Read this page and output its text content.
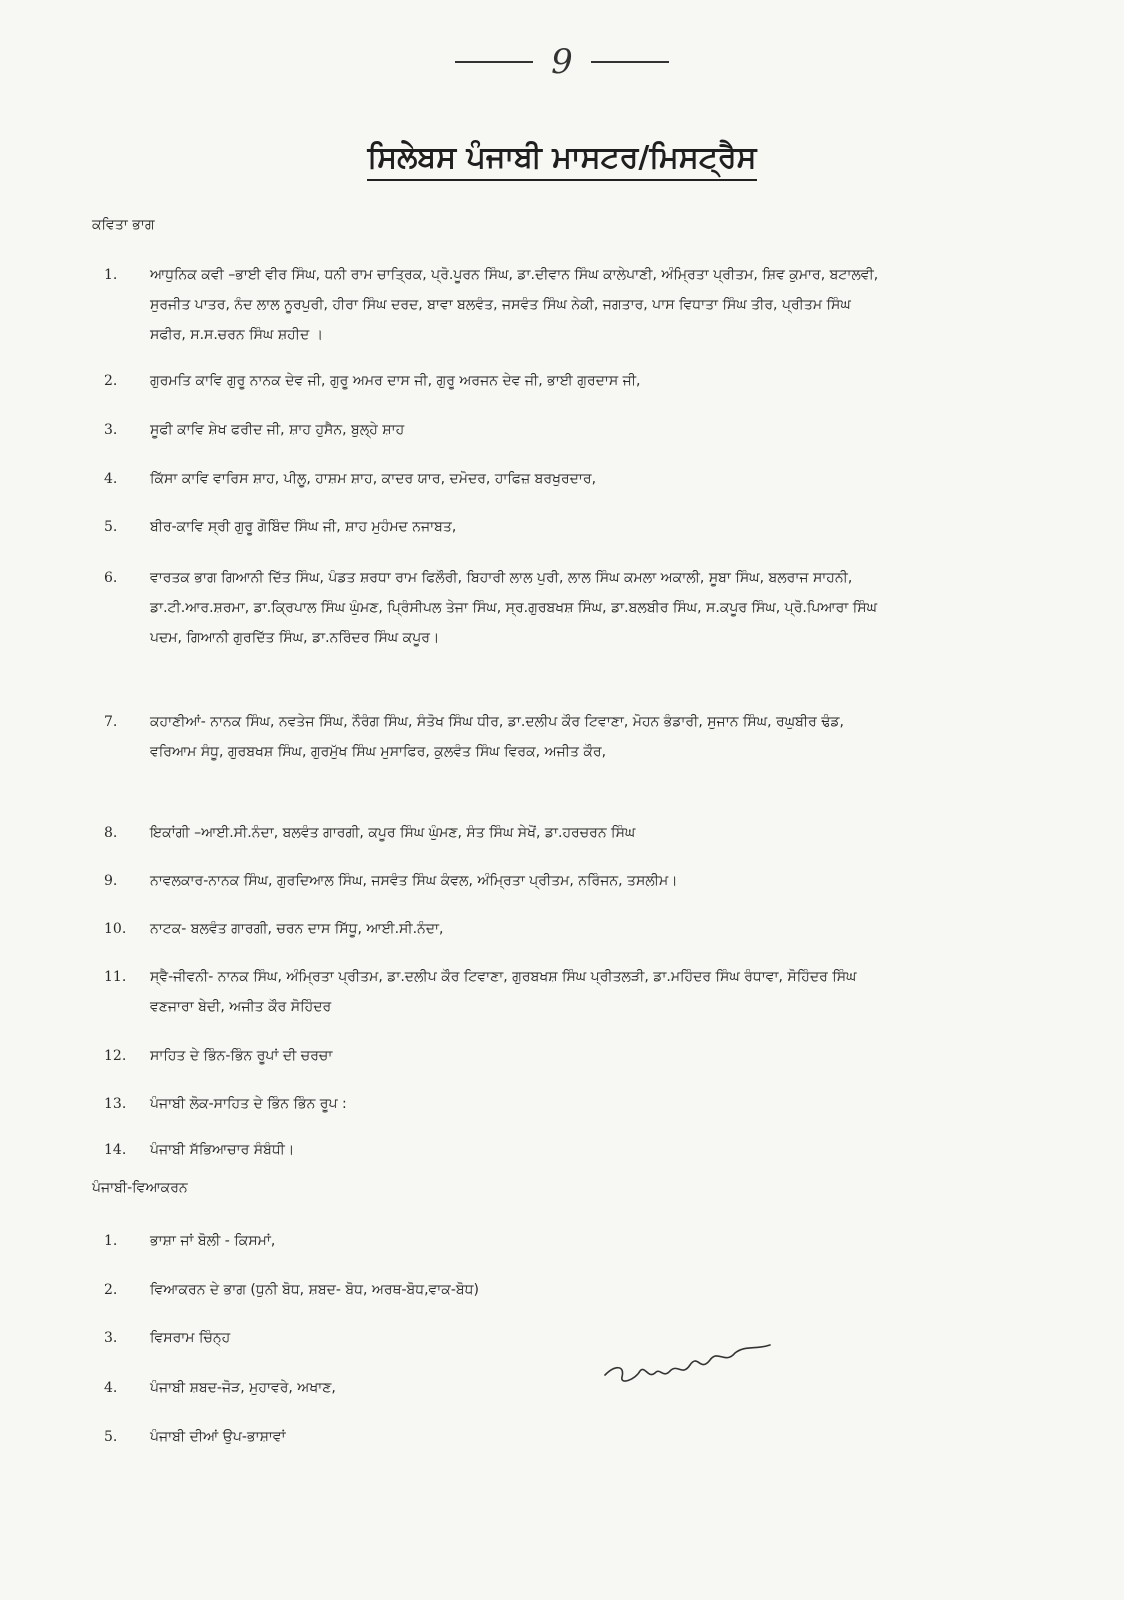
9
ਸਿਲੇਬਸ ਪੰਜਾਬੀ ਮਾਸਟਰ/ਮਿਸਟ੍ਰੈਸ
ਕਵਿਤਾ ਭਾਗ
1.	ਆਧੁਨਿਕ ਕਵੀ –ਭਾਈ ਵੀਰ ਸਿੰਘ, ਧਨੀ ਰਾਮ ਚਾਤ੍ਰਿਕ, ਪ੍ਰੋ.ਪੂਰਨ ਸਿੰਘ, ਡਾ.ਦੀਵਾਨ ਸਿੰਘ ਕਾਲੇਪਾਣੀ, ਅੰਮ੍ਰਿਤਾ ਪ੍ਰੀਤਮ, ਸ਼ਿਵ ਕੁਮਾਰ, ਬਟਾਲਵੀ, ਸੁਰਜੀਤ ਪਾਤਰ, ਨੰਦ ਲਾਲ ਨੂਰਪੁਰੀ, ਹੀਰਾ ਸਿੰਘ ਦਰਦ, ਬਾਵਾ ਬਲਵੰਤ, ਜਸਵੰਤ ਸਿੰਘ ਨੇਕੀ, ਜਗਤਾਰ, ਪਾਸ ਵਿਧਾਤਾ ਸਿੰਘ ਤੀਰ, ਪ੍ਰੀਤਮ ਸਿੰਘ ਸਫੀਰ, ਸ.ਸ.ਚਰਨ ਸਿੰਘ ਸ਼ਹੀਦ ।
2.	ਗੁਰਮਤਿ ਕਾਵਿ ਗੁਰੂ ਨਾਨਕ ਦੇਵ ਜੀ, ਗੁਰੂ ਅਮਰ ਦਾਸ ਜੀ, ਗੁਰੂ ਅਰਜਨ ਦੇਵ ਜੀ, ਭਾਈ ਗੁਰਦਾਸ ਜੀ,
3.	ਸੂਫੀ ਕਾਵਿ ਸ਼ੇਖ ਫਰੀਦ ਜੀ, ਸ਼ਾਹ ਹੁਸੈਨ, ਬੁਲ੍ਹੇ ਸ਼ਾਹ
4.	ਕਿੱਸਾ ਕਾਵਿ ਵਾਰਿਸ ਸ਼ਾਹ, ਪੀਲੂ, ਹਾਸ਼ਮ ਸ਼ਾਹ, ਕਾਦਰ ਯਾਰ, ਦਮੋਦਰ, ਹਾਫਿਜ਼ ਬਰਖੁਰਦਾਰ,
5.	ਬੀਰ-ਕਾਵਿ ਸ੍ਰੀ ਗੁਰੂ ਗੋਬਿੰਦ ਸਿੰਘ ਜੀ, ਸ਼ਾਹ ਮੁਹੰਮਦ ਨਜਾਬਤ,
6.	ਵਾਰਤਕ ਭਾਗ ਗਿਆਨੀ ਦਿੱਤ ਸਿੰਘ, ਪੰਡਤ ਸ਼ਰਧਾ ਰਾਮ ਫਿਲੌਰੀ, ਬਿਹਾਰੀ ਲਾਲ ਪੁਰੀ, ਲਾਲ ਸਿੰਘ ਕਮਲਾ ਅਕਾਲੀ, ਸੂਬਾ ਸਿੰਘ, ਬਲਰਾਜ ਸਾਹਨੀ, ਡਾ.ਟੀ.ਆਰ.ਸ਼ਰਮਾ, ਡਾ.ਕ੍ਰਿਪਾਲ ਸਿੰਘ ਘੁੰਮਣ, ਪ੍ਰਿੰਸੀਪਲ ਤੇਜਾ ਸਿੰਘ, ਸ੍ਰ.ਗੁਰਬਖਸ਼ ਸਿੰਘ, ਡਾ.ਬਲਬੀਰ ਸਿੰਘ, ਸ.ਕਪੂਰ ਸਿੰਘ, ਪ੍ਰੋ.ਪਿਆਰਾ ਸਿੰਘ ਪਦਮ, ਗਿਆਨੀ ਗੁਰਦਿੱਤ ਸਿੰਘ, ਡਾ.ਨਰਿੰਦਰ ਸਿੰਘ ਕਪੂਰ।
7.	ਕਹਾਣੀਆਂ- ਨਾਨਕ ਸਿੰਘ, ਨਵਤੇਜ ਸਿੰਘ, ਨੌਰੰਗ ਸਿੰਘ, ਸੰਤੋਖ ਸਿੰਘ ਧੀਰ, ਡਾ.ਦਲੀਪ ਕੌਰ ਟਿਵਾਣਾ, ਮੋਹਨ ਭੰਡਾਰੀ, ਸੁਜਾਨ ਸਿੰਘ, ਰਘੁਬੀਰ ਢੰਡ, ਵਰਿਆਮ ਸੰਧੂ, ਗੁਰਬਖਸ਼ ਸਿੰਘ, ਗੁਰਮੁੱਖ ਸਿੰਘ ਮੁਸਾਫਿਰ, ਕੁਲਵੰਤ ਸਿੰਘ ਵਿਰਕ, ਅਜੀਤ ਕੌਰ,
8.	ਇਕਾਂਗੀ –ਆਈ.ਸੀ.ਨੰਦਾ, ਬਲਵੰਤ ਗਾਰਗੀ, ਕਪੂਰ ਸਿੰਘ ਘੁੰਮਣ, ਸੰਤ ਸਿੰਘ ਸੇਖੋਂ, ਡਾ.ਹਰਚਰਨ ਸਿੰਘ
9.	ਨਾਵਲਕਾਰ-ਨਾਨਕ ਸਿੰਘ, ਗੁਰਦਿਆਲ ਸਿੰਘ, ਜਸਵੰਤ ਸਿੰਘ ਕੰਵਲ, ਅੰਮ੍ਰਿਤਾ ਪ੍ਰੀਤਮ, ਨਰਿੰਜਨ, ਤਸਲੀਮ।
10.	ਨਾਟਕ- ਬਲਵੰਤ ਗਾਰਗੀ, ਚਰਨ ਦਾਸ ਸਿੱਧੂ, ਆਈ.ਸੀ.ਨੰਦਾ,
11.	ਸ੍ਵੈ-ਜੀਵਨੀ- ਨਾਨਕ ਸਿੰਘ, ਅੰਮ੍ਰਿਤਾ ਪ੍ਰੀਤਮ, ਡਾ.ਦਲੀਪ ਕੌਰ ਟਿਵਾਣਾ, ਗੁਰਬਖਸ਼ ਸਿੰਘ ਪ੍ਰੀਤਲੜੀ, ਡਾ.ਮਹਿੰਦਰ ਸਿੰਘ ਰੰਧਾਵਾ, ਸੋਹਿੰਦਰ ਸਿੰਘ ਵਣਜਾਰਾ ਬੇਦੀ, ਅਜੀਤ ਕੌਰ ਸੋਹਿੰਦਰ
12.	ਸਾਹਿਤ ਦੇ ਭਿੰਨ-ਭਿੰਨ ਰੂਪਾਂ ਦੀ ਚਰਚਾ
13.	ਪੰਜਾਬੀ ਲੋਕ-ਸਾਹਿਤ ਦੇ ਭਿੰਨ ਭਿੰਨ ਰੂਪ :
14.	ਪੰਜਾਬੀ ਸੱਭਿਆਚਾਰ ਸੰਬੰਧੀ।
ਪੰਜਾਬੀ-ਵਿਆਕਰਨ
1.	ਭਾਸ਼ਾ ਜਾਂ ਬੋਲੀ - ਕਿਸਮਾਂ,
2.	ਵਿਆਕਰਨ ਦੇ ਭਾਗ (ਧੁਨੀ ਬੋਧ, ਸ਼ਬਦ- ਬੋਧ, ਅਰਥ-ਬੋਧ,ਵਾਕ-ਬੋਧ)
3.	ਵਿਸਰਾਮ ਚਿੰਨ੍ਹ
4.	ਪੰਜਾਬੀ ਸ਼ਬਦ-ਜੋੜ, ਮੁਹਾਵਰੇ, ਅਖਾਣ,
5.	ਪੰਜਾਬੀ ਦੀਆਂ ਉਪ-ਭਾਸ਼ਾਵਾਂ
